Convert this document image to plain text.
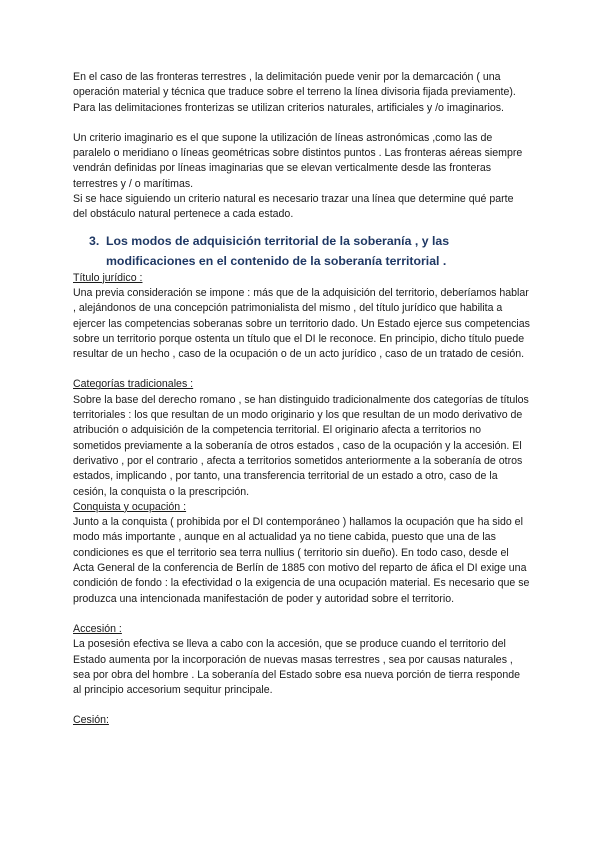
En el caso de las fronteras terrestres , la delimitación puede venir por la demarcación ( una operación material y técnica que traduce sobre el terreno la línea divisoria fijada previamente).

Para las delimitaciones fronterizas se utilizan criterios naturales, artificiales y /o imaginarios.

Un criterio imaginario es el que supone la utilización de líneas astronómicas ,como las de paralelo o meridiano o líneas geométricas sobre distintos puntos . Las fronteras aéreas siempre vendrán definidas por líneas imaginarias que se elevan verticalmente desde las fronteras terrestres y / o marítimas.

Si se hace siguiendo un criterio natural es necesario trazar una línea que determine qué parte del obstáculo natural pertenece a cada estado.

3. Los modos de adquisición territorial de la soberanía , y las modificaciones en el contenido de la soberanía territorial .

Título jurídico :

Una previa consideración se impone : más que de la adquisición del territorio, deberíamos hablar , alejándonos de una concepción patrimonialista del mismo , del título jurídico que habilita a ejercer las competencias soberanas sobre un territorio dado. Un Estado ejerce sus competencias sobre un territorio porque ostenta un título que el DI le reconoce. En principio, dicho título puede resultar de un hecho , caso de la ocupación o de un acto jurídico , caso de un tratado de cesión.

Categorías tradicionales :

Sobre la base del derecho romano , se han distinguido tradicionalmente dos categorías de títulos territoriales : los que resultan de un modo originario y los que resultan de un modo derivativo de atribución o adquisición de la competencia territorial. El originario afecta a territorios no sometidos previamente a la soberanía de otros estados , caso de la ocupación y la accesión. El derivativo , por el contrario , afecta a territorios sometidos anteriormente a la soberanía de otros estados, implicando , por tanto, una transferencia territorial de un estado a otro, caso de la cesión, la conquista o la prescripción.

Conquista y ocupación :

Junto a la conquista ( prohibida por el DI contemporáneo ) hallamos la ocupación que ha sido el modo más importante , aunque en al actualidad ya no tiene cabida, puesto que una de las condiciones es que el territorio sea terra nullius ( territorio sin dueño). En todo caso, desde el Acta General de la conferencia de Berlín de 1885 con motivo del reparto de áfica el DI exige una condición de fondo : la efectividad o la exigencia de una ocupación material. Es necesario que se produzca una intencionada manifestación de poder y autoridad sobre el territorio.

Accesión :

La posesión efectiva se lleva a cabo con la accesión, que se produce cuando el territorio del Estado aumenta por la incorporación de nuevas masas terrestres , sea por causas naturales , sea por obra del hombre . La soberanía del Estado sobre esa nueva porción de tierra responde al principio accesorium sequitur principale.

Cesión:
